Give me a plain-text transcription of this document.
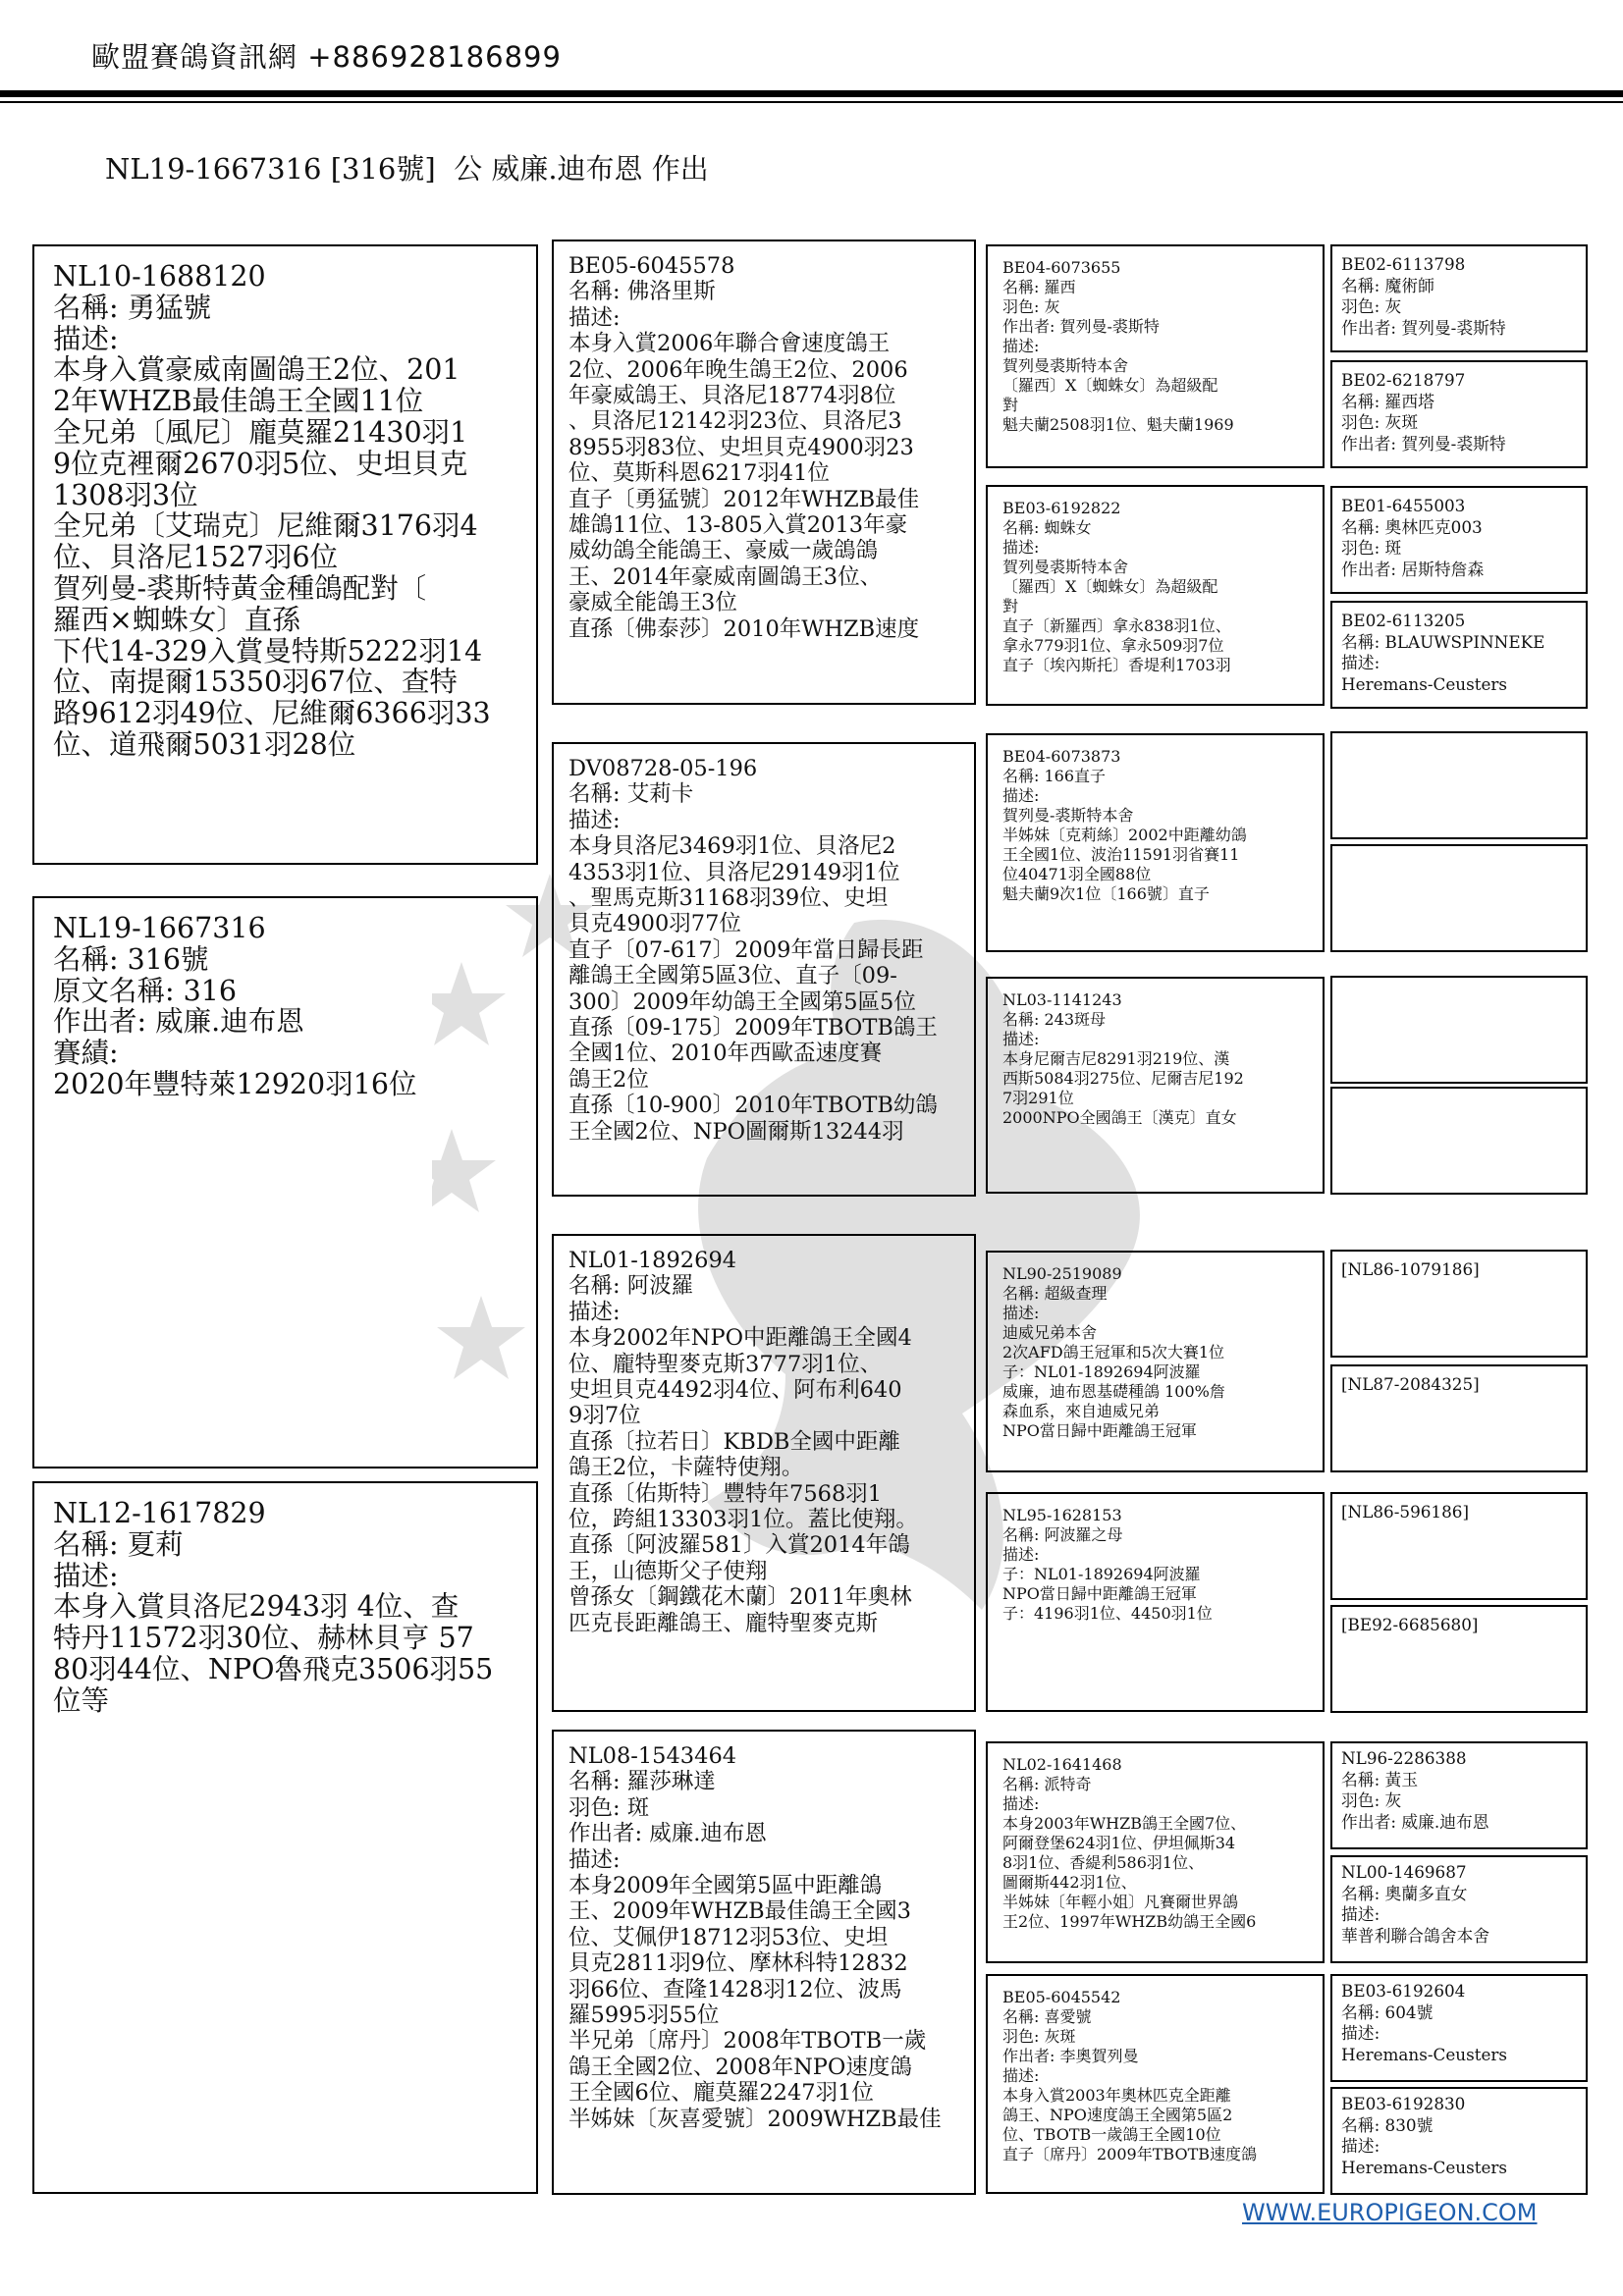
歐盟賽鴿資訊網 +886928186899
NL19-1667316 [316號]  公 威廉.迪布恩 作出
NL10-1688120
名稱: 勇猛號
描述:
本身入賞豪威南圖鴿王2位、201
2年WHZB最佳鴿王全國11位
全兄弟〔風尼〕龐莫羅21430羽1
9位克裡爾2670羽5位、史坦貝克
1308羽3位
全兄弟〔艾瑞克〕尼維爾3176羽4
位、貝洛尼1527羽6位
賀列曼-裘斯特黃金種鴿配對〔
羅西×蜘蛛女〕直孫
下代14-329入賞曼特斯5222羽14
位、南提爾15350羽67位、查特
路9612羽49位、尼維爾6366羽33
位、道飛爾5031羽28位
NL19-1667316
名稱: 316號
原文名稱: 316
作出者: 威廉.迪布恩
賽績:
2020年豐特萊12920羽16位
NL12-1617829
名稱: 夏莉
描述:
本身入賞貝洛尼2943羽 4位、查
特丹11572羽30位、赫林貝亨 57
80羽44位、NPO魯飛克3506羽55
位等
BE05-6045578
名稱: 佛洛里斯
描述:
本身入賞2006年聯合會速度鴿王
2位、2006年晚生鴿王2位、2006
年豪威鴿王、貝洛尼18774羽8位
、貝洛尼12142羽23位、貝洛尼3
8955羽83位、史坦貝克4900羽23
位、莫斯科恩6217羽41位
直子〔勇猛號〕2012年WHZB最佳
雄鴿11位、13-805入賞2013年豪
威幼鴿全能鴿王、豪威一歲鴿鴿
王、2014年豪威南圖鴿王3位、
豪威全能鴿王3位
直孫〔佛泰莎〕2010年WHZB速度
DV08728-05-196
名稱: 艾莉卡
描述:
本身貝洛尼3469羽1位、貝洛尼2
4353羽1位、貝洛尼29149羽1位
、聖馬克斯31168羽39位、史坦
貝克4900羽77位
直子〔07-617〕2009年當日歸長距
離鴿王全國第5區3位、直子〔09-
300〕2009年幼鴿王全國第5區5位
直孫〔09-175〕2009年TBOTB鴿王
全國1位、2010年西歐盃速度賽
鴿王2位
直孫〔10-900〕2010年TBOTB幼鴿
王全國2位、NPO圖爾斯13244羽
NL01-1892694
名稱: 阿波羅
描述:
本身2002年NPO中距離鴿王全國4
位、龐特聖麥克斯3777羽1位、
史坦貝克4492羽4位、阿布利640
9羽7位
直孫〔拉若日〕KBDB全國中距離
鴿王2位，卡薩特使翔。
直孫〔佑斯特〕豐特年7568羽1
位，跨組13303羽1位。蓋比使翔。
直孫〔阿波羅581〕入賞2014年鴿
王，山德斯父子使翔
曾孫女〔鋼鐵花木蘭〕2011年奧林
匹克長距離鴿王、龐特聖麥克斯
NL08-1543464
名稱: 羅莎琳達
羽色: 斑
作出者: 威廉.迪布恩
描述:
本身2009年全國第5區中距離鴿
王、2009年WHZB最佳鴿王全國3
位、艾佩伊18712羽53位、史坦
貝克2811羽9位、摩林科特12832
羽66位、查隆1428羽12位、波馬
羅5995羽55位
半兄弟〔席丹〕2008年TBOTB一歲
鴿王全國2位、2008年NPO速度鴿
王全國6位、龐莫羅2247羽1位
半姊妹〔灰喜愛號〕2009WHZB最佳
BE04-6073655
名稱: 羅西
羽色: 灰
作出者: 賀列曼-裘斯特
描述:
賀列曼裘斯特本舍
〔羅西〕X〔蜘蛛女〕為超級配
對
魁夫蘭2508羽1位、魁夫蘭1969
BE03-6192822
名稱: 蜘蛛女
描述:
賀列曼裘斯特本舍
〔羅西〕X〔蜘蛛女〕為超級配
對
直子〔新羅西〕拿永838羽1位、
拿永779羽1位、拿永509羽7位
直子〔埃內斯托〕香堤利1703羽
BE04-6073873
名稱: 166直子
描述:
賀列曼-裘斯特本舍
半姊妹〔克莉絲〕2002中距離幼鴿
王全國1位、波治11591羽省賽11
位40471羽全國88位
魁夫蘭9次1位〔166號〕直子
NL03-1141243
名稱: 243斑母
描述:
本身尼爾吉尼8291羽219位、漢
西斯5084羽275位、尼爾吉尼192
7羽291位
2000NPO全國鴿王〔漢克〕直女
NL90-2519089
名稱: 超級查理
描述:
迪威兄弟本舍
2次AFD鴿王冠軍和5次大賽1位
子：NL01-1892694阿波羅
威廉，迪布恩基礎種鴿 100%詹
森血系，來自迪威兄弟
NPO當日歸中距離鴿王冠軍
NL95-1628153
名稱: 阿波羅之母
描述:
子：NL01-1892694阿波羅
NPO當日歸中距離鴿王冠軍
子：4196羽1位、4450羽1位
NL02-1641468
名稱: 派特奇
描述:
本身2003年WHZB鴿王全國7位、
阿爾登堡624羽1位、伊坦佩斯34
8羽1位、香緹利586羽1位、
圖爾斯442羽1位、
半姊妹〔年輕小姐〕凡賽爾世界鴿
王2位、1997年WHZB幼鴿王全國6
BE05-6045542
名稱: 喜愛號
羽色: 灰斑
作出者: 李奧賀列曼
描述:
本身入賞2003年奧林匹克全距離
鴿王、NPO速度鴿王全國第5區2
位、TBOTB一歲鴿王全國10位
直子〔席丹〕2009年TBOTB速度鴿
BE02-6113798
名稱: 魔術師
羽色: 灰
作出者: 賀列曼-裘斯特
BE02-6218797
名稱: 羅西塔
羽色: 灰斑
作出者: 賀列曼-裘斯特
BE01-6455003
名稱: 奧林匹克003
羽色: 斑
作出者: 居斯特詹森
BE02-6113205
名稱: BLAUWSPINNEKE
描述:
Heremans-Ceusters
[NL86-1079186]
[NL87-2084325]
[NL86-596186]
[BE92-6685680]
NL96-2286388
名稱: 黃玉
羽色: 灰
作出者: 威廉.迪布恩
NL00-1469687
名稱: 奧蘭多直女
描述:
華普利聯合鴿舍本舍
BE03-6192604
名稱: 604號
描述:
Heremans-Ceusters
BE03-6192830
名稱: 830號
描述:
Heremans-Ceusters
WWW.EUROPIGEON.COM
